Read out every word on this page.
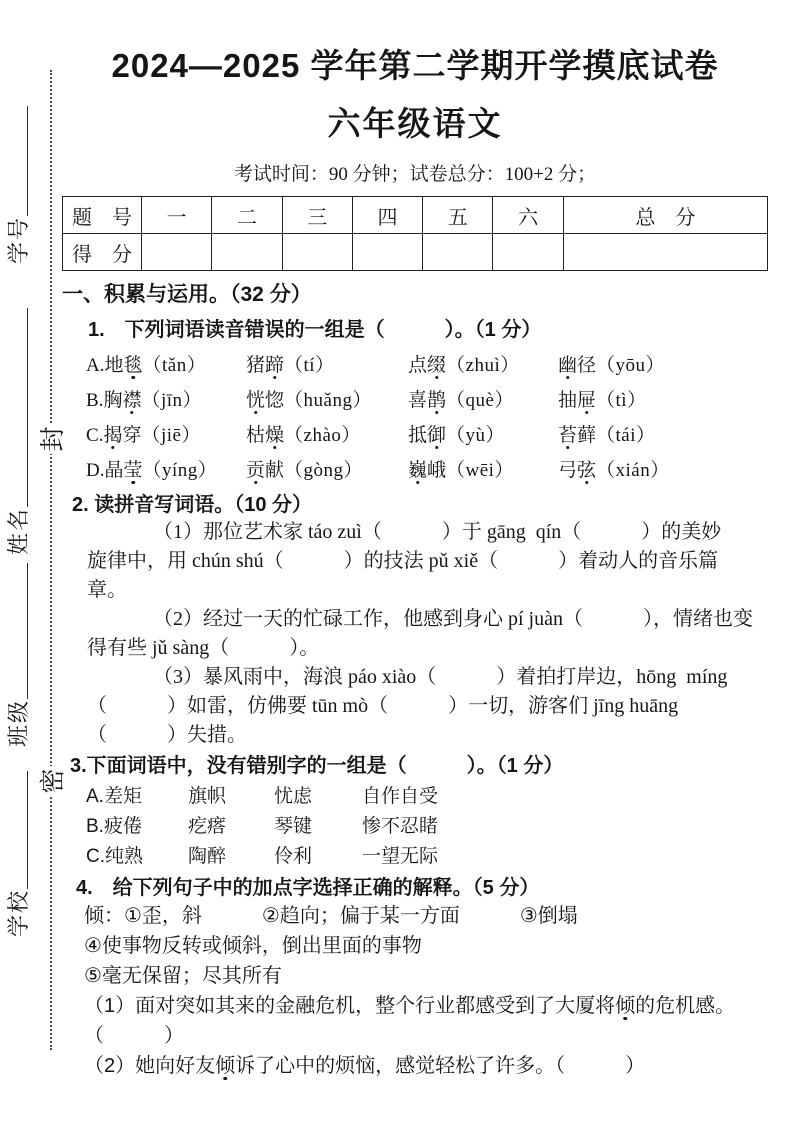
学号
姓名
班级
学校
封
密
2024—2025 学年第二学期开学摸底试卷
六年级语文
考试时间：90 分钟；试卷总分：100+2 分；
题　号	一	二	三	四	五	六	总　分
得　分							
一、积累与运用。（32 分）
1.　下列词语读音错误的一组是（　　　）。（1 分）
A.地毯（tǎn）	猪蹄（tí）	点缀（zhuì）	幽径（yōu）
B.胸襟（jīn）	恍惚（huǎng）	喜鹊（què）	抽屉（tì）
C.揭穿（jiē）	枯燥（zhào）	抵御（yù）	苔藓（tái）
D.晶莹（yíng）	贡献（gòng）	巍峨（wēi）	弓弦（xián）
2. 读拼音写词语。（10 分）
（1）那位艺术家 táo zuì（　　　）于 gāng  qín（　　　）的美妙
旋律中，用 chún shú（　　　）的技法 pǔ xiě（　　　）着动人的音乐篇
章。
（2）经过一天的忙碌工作，他感到身心 pí juàn（　　　），情绪也变
得有些 jǔ sàng（　　　）。
（3）暴风雨中，海浪 páo xiào（　　　）着拍打岸边，hōng  míng
（　　　）如雷，仿佛要 tūn mò（　　　）一切，游客们 jīng huāng
（　　　）失措。
3.下面词语中，没有错别字的一组是（　　　）。（1 分）
A.差矩	旗帜	忧虑	自作自受
B.疲倦	疙瘩	琴键	惨不忍睹
C.纯熟	陶醉	伶利	一望无际
4.　给下列句子中的加点字选择正确的解释。（5 分）
倾：①歪，斜　　　②趋向；偏于某一方面　　　③倒塌
④使事物反转或倾斜，倒出里面的事物
⑤毫无保留；尽其所有
（1）面对突如其来的金融危机，整个行业都感受到了大厦将倾的危机感。
（　　　）
（2）她向好友倾诉了心中的烦恼，感觉轻松了许多。（　　　）
